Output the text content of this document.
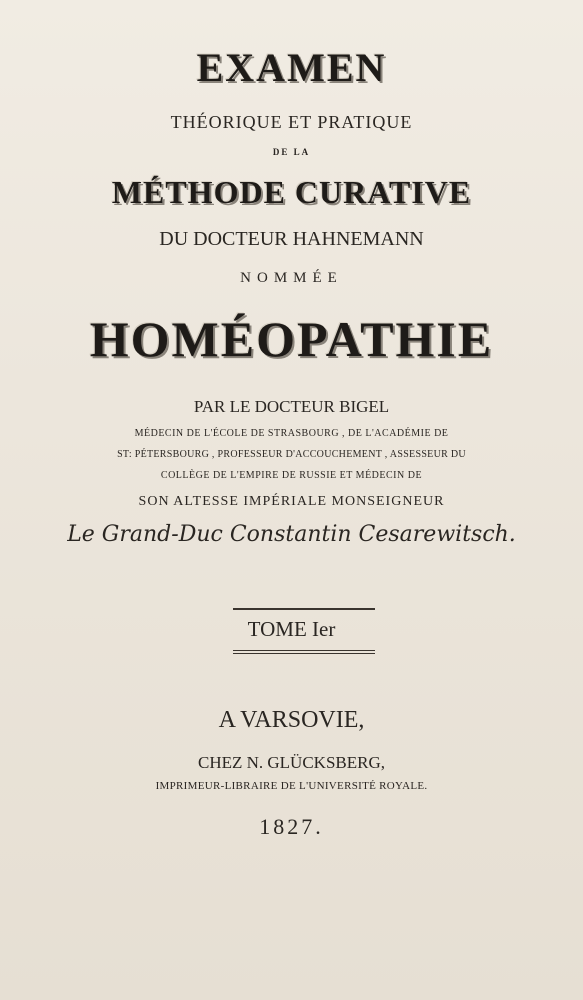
EXAMEN
THÉORIQUE ET PRATIQUE
DE LA
MÉTHODE CURATIVE
DU DOCTEUR HAHNEMANN
NOMMÉE
HOMÉOPATHIE
PAR LE DOCTEUR BIGEL
MÉDECIN DE L'ÉCOLE DE STRASBOURG , DE L'ACADÉMIE DE
ST: PÉTERSBOURG , PROFESSEUR D'ACCOUCHEMENT , ASSESSEUR DU
COLLÈGE DE L'EMPIRE DE RUSSIE ET MÉDECIN DE
SON ALTESSE IMPÉRIALE MONSEIGNEUR
Le Grand-Duc Constantin Cesarewitsch.
TOME Ier
A VARSOVIE,
CHEZ N. GLÜCKSBERG,
IMPRIMEUR-LIBRAIRE DE L'UNIVERSITÉ ROYALE.
1827.
